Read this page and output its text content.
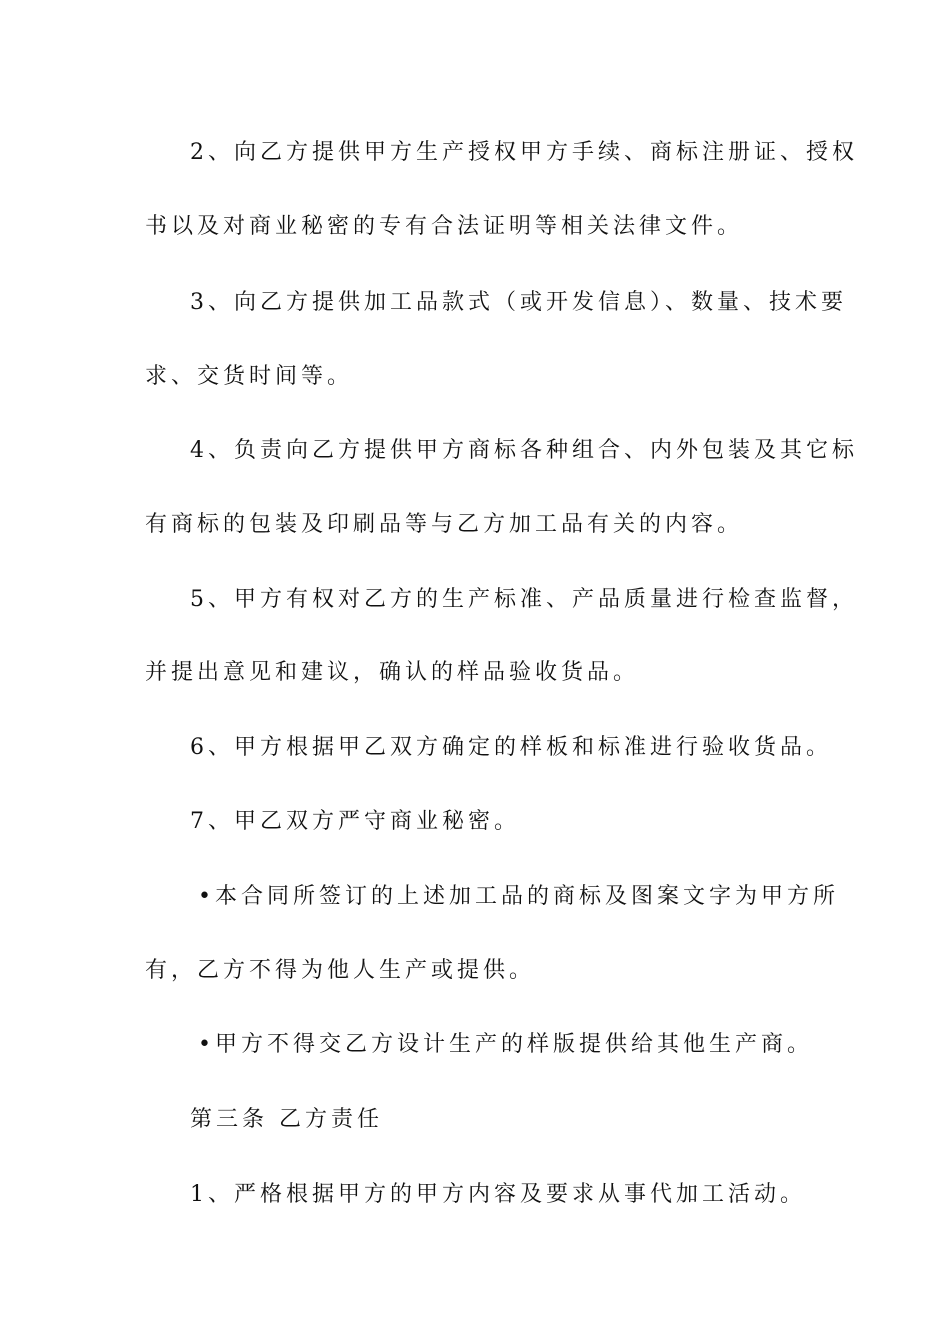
2、向乙方提供甲方生产授权甲方手续、商标注册证、授权
书以及对商业秘密的专有合法证明等相关法律文件。
3、向乙方提供加工品款式（或开发信息）、数量、技术要
求、交货时间等。
4、负责向乙方提供甲方商标各种组合、内外包装及其它标
有商标的包装及印刷品等与乙方加工品有关的内容。
5、甲方有权对乙方的生产标准、产品质量进行检查监督，
并提出意见和建议，确认的样品验收货品。
6、甲方根据甲乙双方确定的样板和标准进行验收货品。
7、甲乙双方严守商业秘密。
•本合同所签订的上述加工品的商标及图案文字为甲方所
有，乙方不得为他人生产或提供。
•甲方不得交乙方设计生产的样版提供给其他生产商。
第三条 乙方责任
1、严格根据甲方的甲方内容及要求从事代加工活动。
